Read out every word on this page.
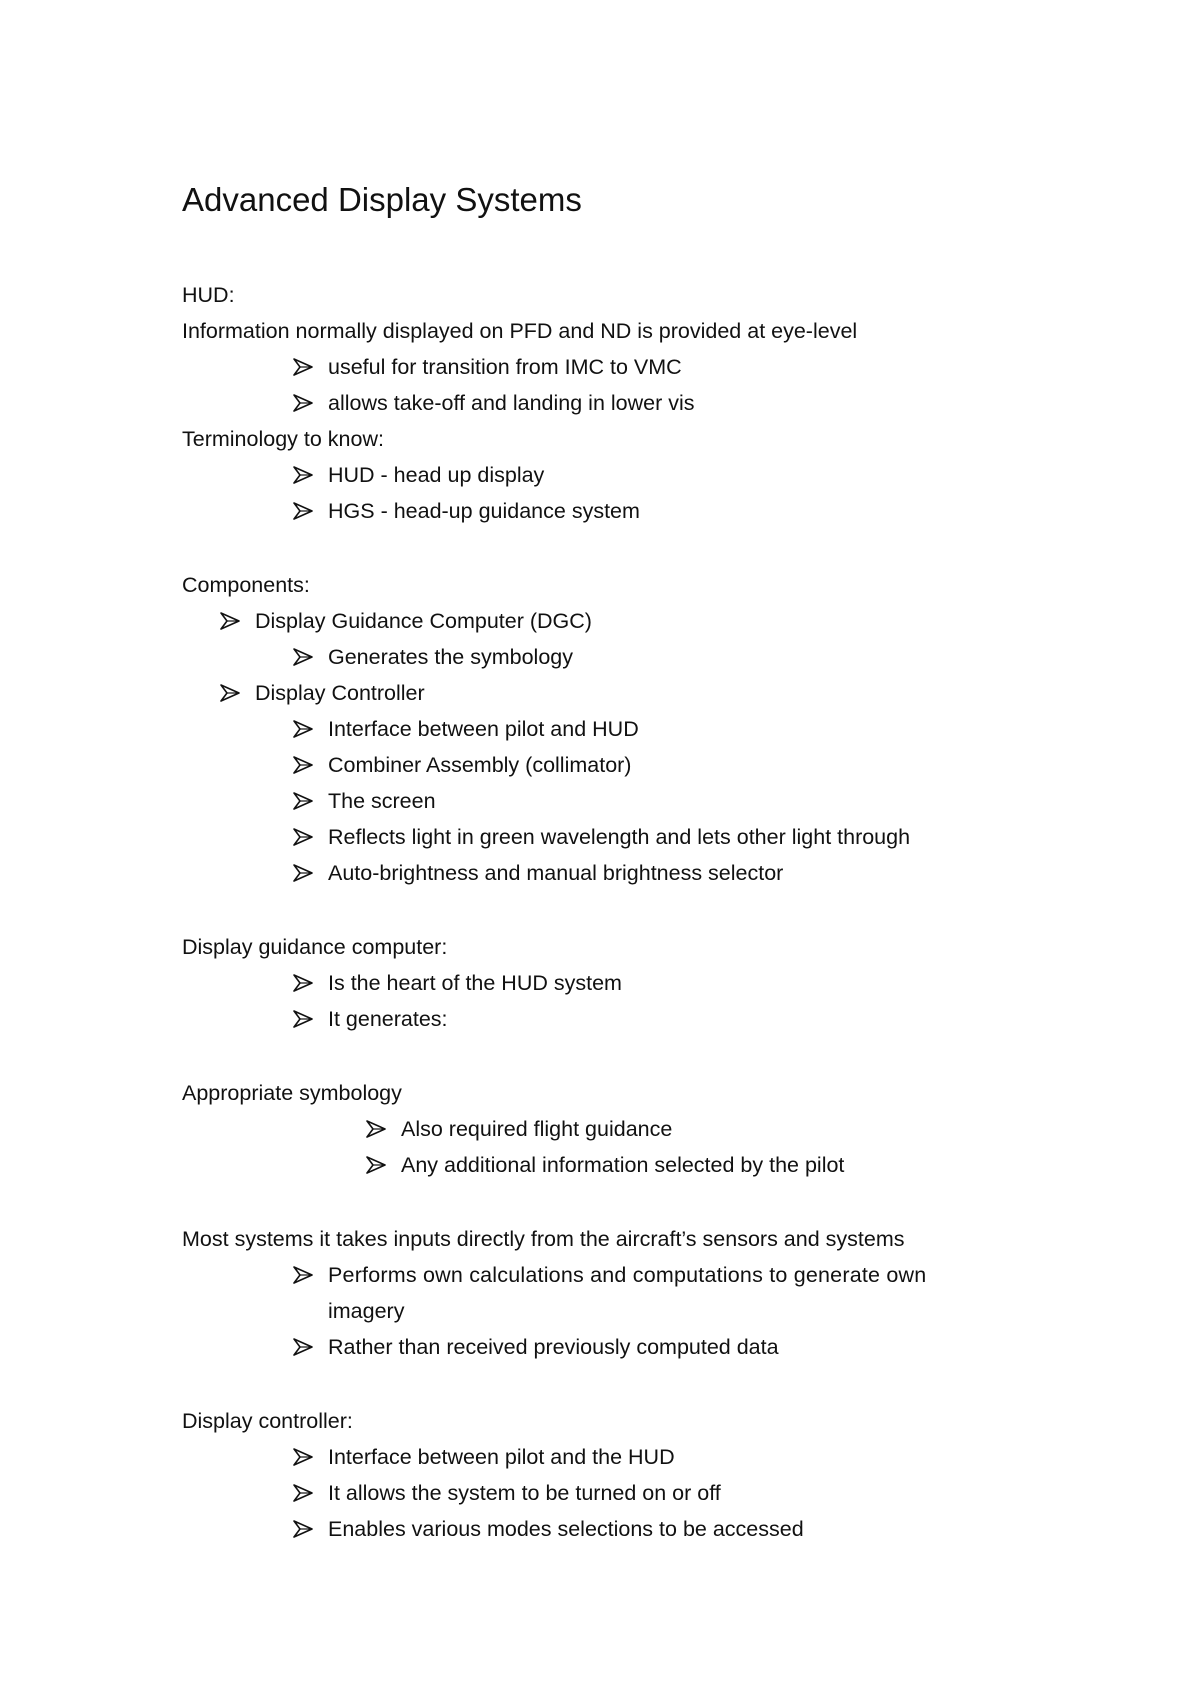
Advanced Display Systems
HUD:
Information normally displayed on PFD and ND is provided at eye-level
useful for transition from IMC to VMC
allows take-off and landing in lower vis
Terminology to know:
HUD - head up display
HGS - head-up guidance system
Components:
Display Guidance Computer (DGC)
Generates the symbology
Display Controller
Interface between pilot and HUD
Combiner Assembly (collimator)
The screen
Reflects light in green wavelength and lets other light through
Auto-brightness and manual brightness selector
Display guidance computer:
Is the heart of the HUD system
It generates:
Appropriate symbology
Also required flight guidance
Any additional information selected by the pilot
Most systems it takes inputs directly from the aircraft’s sensors and systems
Performs own calculations and computations to generate own
imagery
Rather than received previously computed data
Display controller:
Interface between pilot and the HUD
It allows the system to be turned on or off
Enables various modes selections to be accessed
